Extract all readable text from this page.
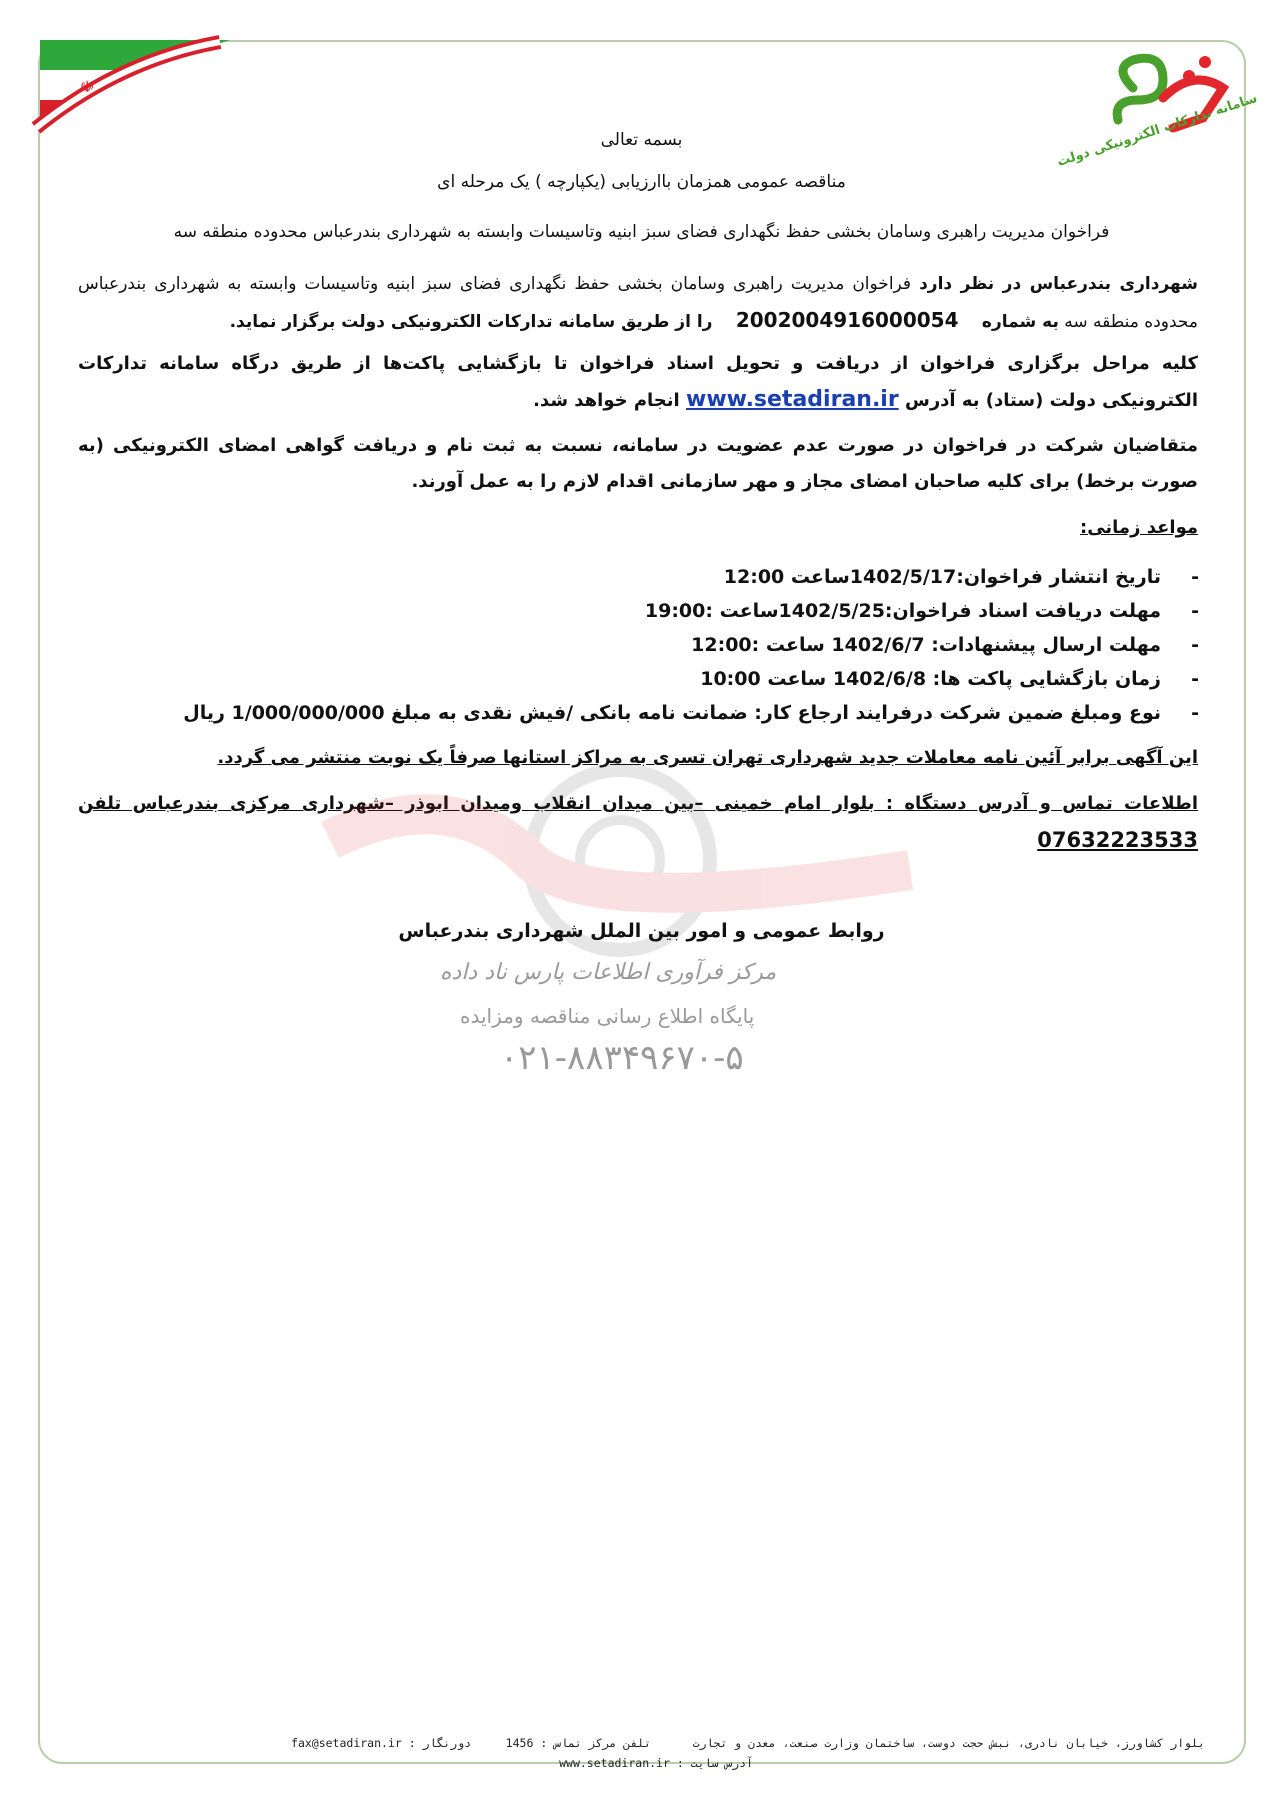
☫
سامانه تدارکات الکترونیکی دولت
بسمه تعالی
مناقصه عمومی همزمان باارزیابی (یکپارچه ) یک مرحله ای
فراخوان مدیریت راهبری وسامان بخشی حفظ نگهداری فضای سبز ابنیه وتاسیسات وابسته به شهرداری بندرعباس محدوده منطقه سه
شهرداری بندرعباس در نظر دارد فراخوان مدیریت راهبری وسامان بخشی حفظ نگهداری فضای سبز ابنیه وتاسیسات وابسته به شهرداری بندرعباس محدوده منطقه سه به شماره 2002004916000054 را از طریق سامانه تدارکات الکترونیکی دولت برگزار نماید.
کلیه مراحل برگزاری فراخوان از دریافت و تحویل اسناد فراخوان تا بازگشایی پاکت‌ها از طریق درگاه سامانه تدارکات الکترونیکی دولت (ستاد) به آدرس www.setadiran.ir انجام خواهد شد.
متقاضیان شرکت در فراخوان در صورت عدم عضویت در سامانه، نسبت به ثبت نام و دریافت گواهی امضای الکترونیکی (به صورت برخط) برای کلیه صاحبان امضای مجاز و مهر سازمانی اقدام لازم را به عمل آورند.
مواعد زمانی:
- تاریخ انتشار فراخوان:1402/5/17ساعت 12:00
- مهلت دریافت اسناد فراخوان:1402/5/25ساعت :19:00
- مهلت ارسال پیشنهادات: 1402/6/7 ساعت :12:00
- زمان بازگشایی پاکت ها: 1402/6/8 ساعت 10:00
- نوع ومبلغ ضمین شرکت درفرایند ارجاع کار: ضمانت نامه بانکی /فیش نقدی به مبلغ 1/000/000/000 ریال
این آگهی برابر آئین نامه معاملات جدید شهرداری تهران تسری به مراکز استانها صرفاً یک نوبت منتشر می گردد.
اطلاعات تماس و آدرس دستگاه : بلوار امام خمینی –بین میدان انقلاب ومیدان ابوذر –شهرداری مرکزی بندرعباس تلفن 07632223533
روابط عمومی و امور بین الملل شهرداری بندرعباس
مرکز فرآوری اطلاعات پارس ناد داده
پایگاه اطلاع رسانی مناقصه ومزایده
۰۲۱-۸۸۳۴۹۶۷۰-۵
بلوار کشاورز، خیابان نادری، نبش حجت دوست، ساختمان وزارت صنعت، معدن و تجارت      تلفن مرکز تماس : 1456     دورنگار : fax@setadiran.ir
آدرس سایت : www.setadiran.ir
